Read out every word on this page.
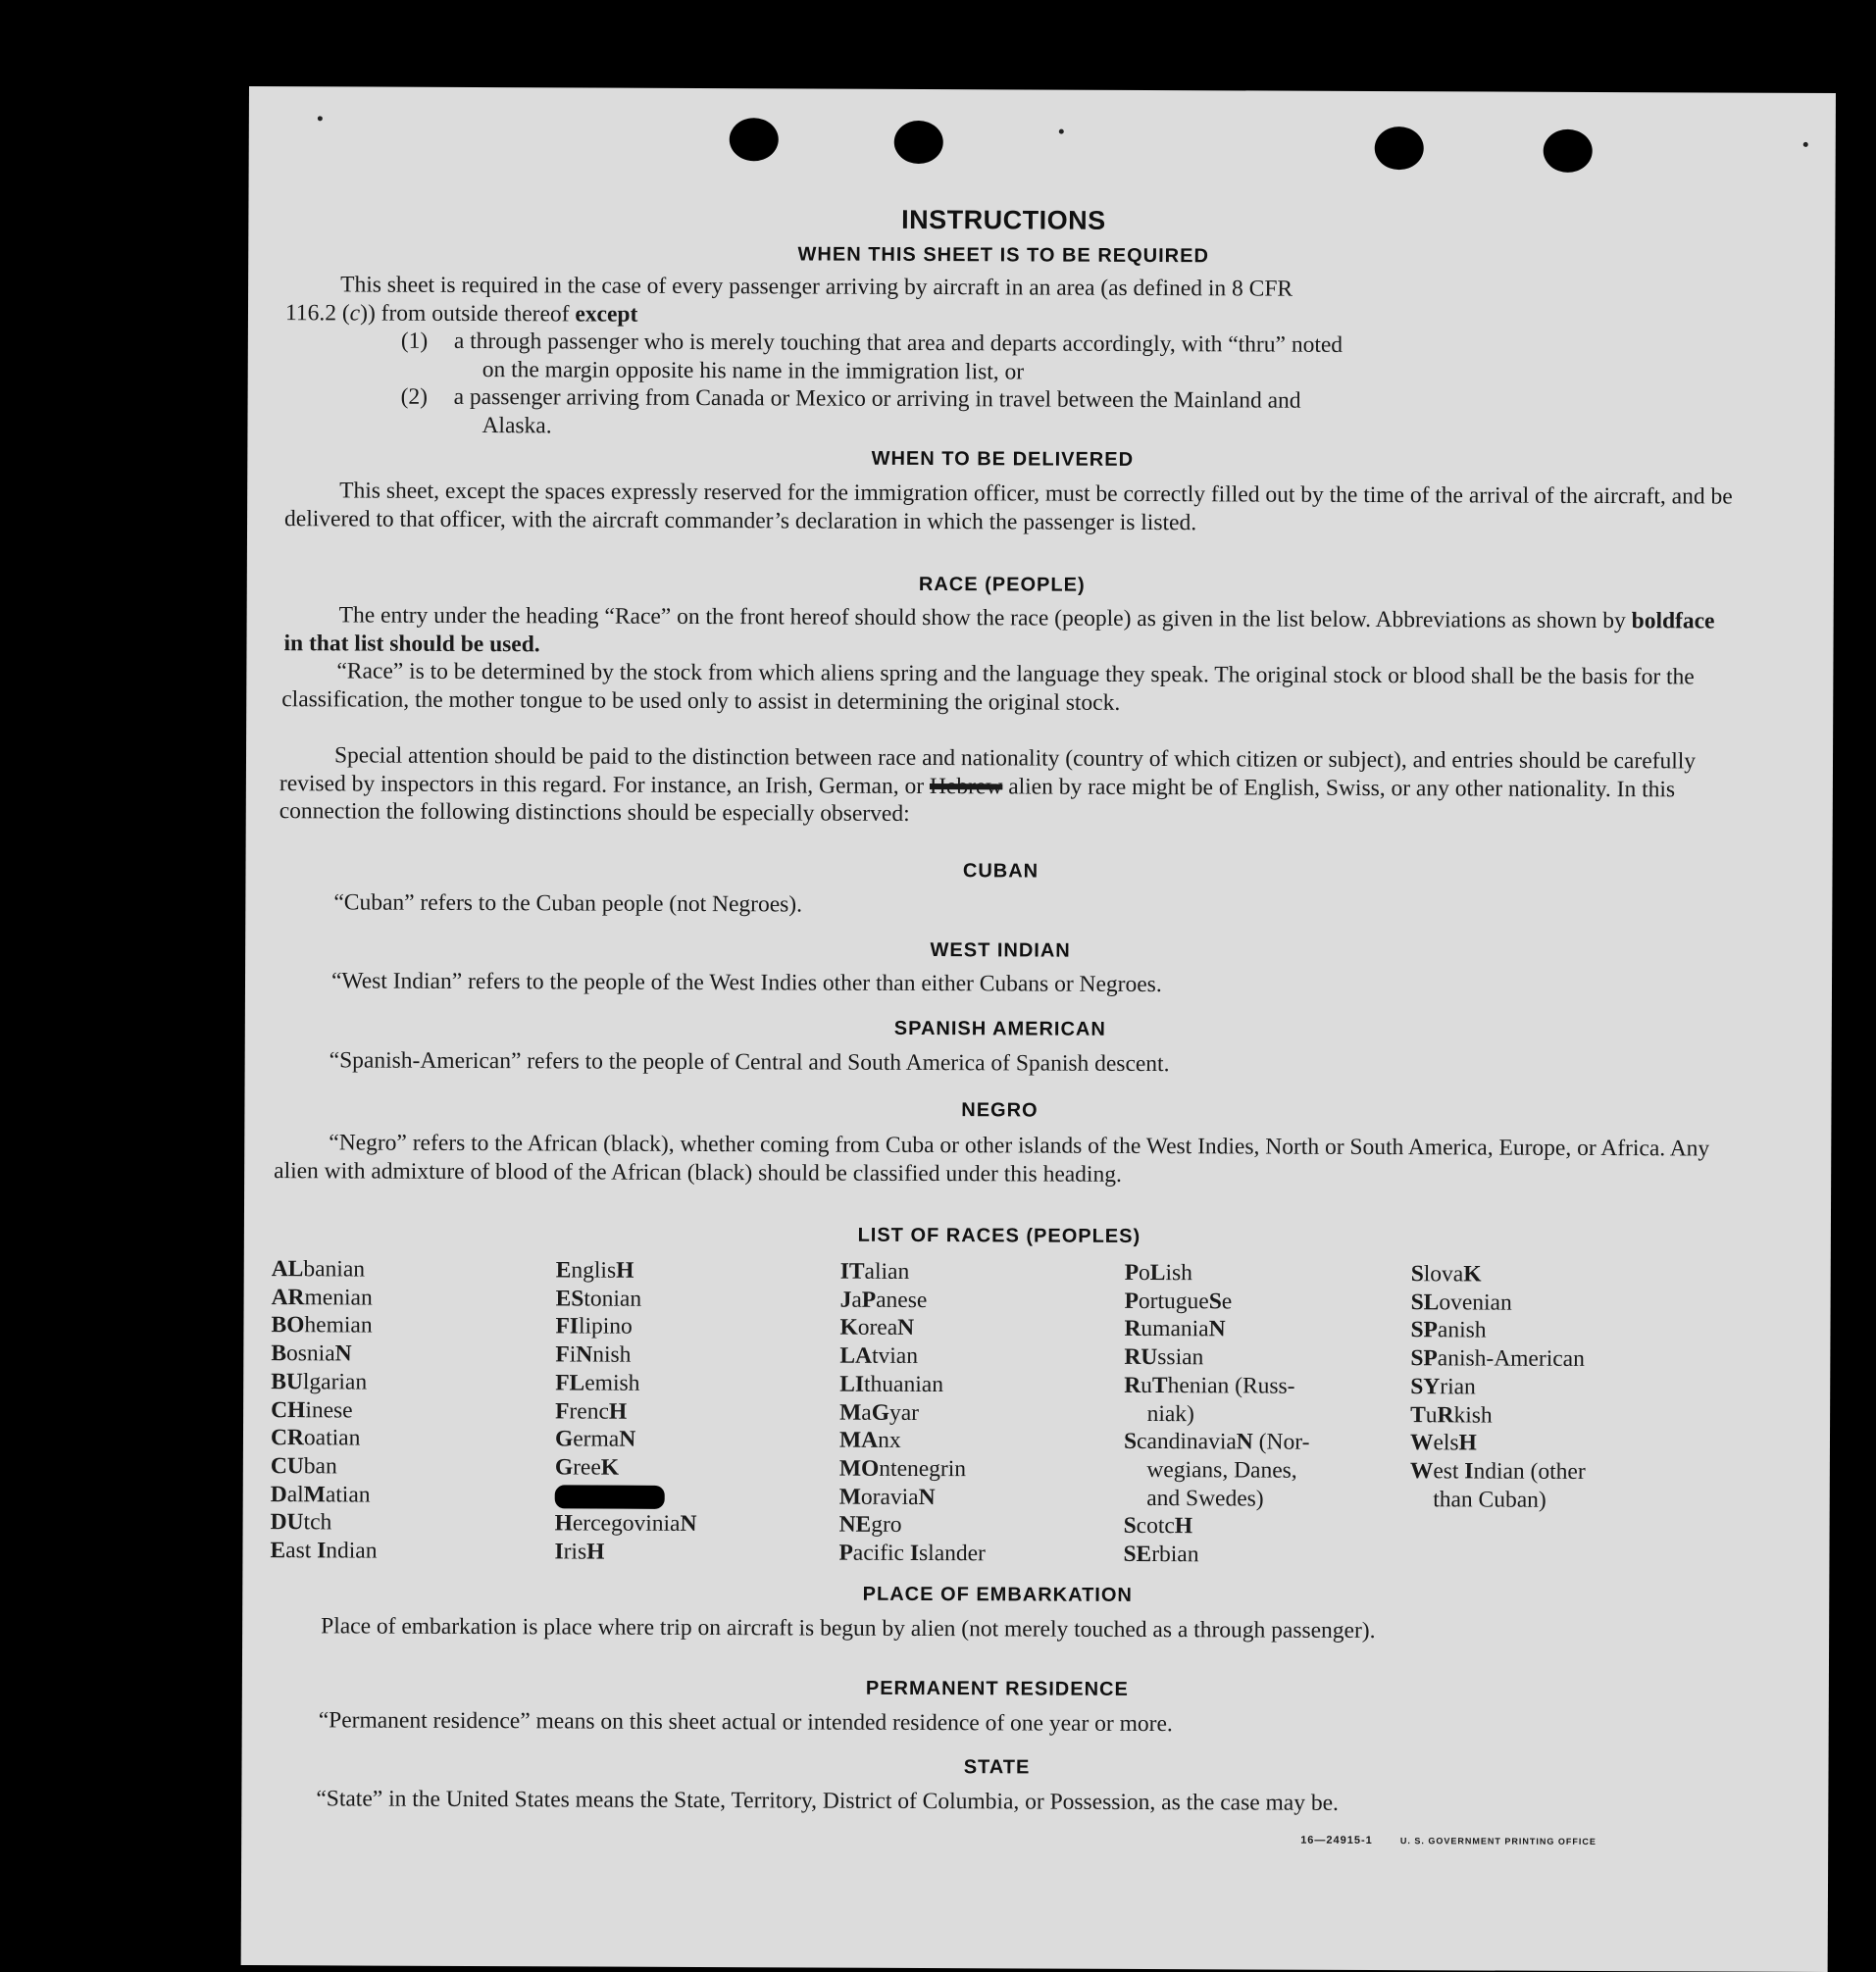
INSTRUCTIONS
WHEN THIS SHEET IS TO BE REQUIRED

This sheet is required in the case of every passenger arriving by aircraft in an area (as defined in 8 CFR
116.2 (c)) from outside thereof except

(1) a through passenger who is merely touching that area and departs accordingly, with “thru” noted
on the margin opposite his name in the immigration list, or
(2) a passenger arriving from Canada or Mexico or arriving in travel between the Mainland and
Alaska.
WHEN TO BE DELIVERED

This sheet, except the spaces expressly reserved for the immigration officer, must be correctly filled out by the time of the arrival of the aircraft, and be delivered to that officer, with the aircraft commander’s declaration in which the passenger is listed.

RACE (PEOPLE)

The entry under the heading “Race” on the front hereof should show the race (people) as given in the list below. Abbreviations as shown by boldface in that list should be used.

“Race” is to be determined by the stock from which aliens spring and the language they speak. The original stock or blood shall be the basis for the classification, the mother tongue to be used only to assist in determining the original stock.

Special attention should be paid to the distinction between race and nationality (country of which citizen or subject), and entries should be carefully revised by inspectors in this regard. For instance, an Irish, German, or Hebrew alien by race might be of English, Swiss, or any other nationality. In this connection the following distinctions should be especially observed:

CUBAN

“Cuban” refers to the Cuban people (not Negroes).

WEST INDIAN

“West Indian” refers to the people of the West Indies other than either Cubans or Negroes.

SPANISH AMERICAN

“Spanish-American” refers to the people of Central and South America of Spanish descent.

NEGRO

“Negro” refers to the African (black), whether coming from Cuba or other islands of the West Indies, North or South America, Europe, or Africa. Any alien with admixture of blood of the African (black) should be classified under this heading.

LIST OF RACES (PEOPLES)
ALbanian
ARmenian
BOhemian
BosniaN
BUlgarian
CHinese
CRoatian
CUban
DalMatian
DUtch
East Indian
EnglisH
EStonian
FIlipino
FiNnish
FLemish
FrencH
GermaN
GreeK
HercegoviniaN
IrisH
ITalian
JaPanese
KoreaN
LAtvian
LIthuanian
MaGyar
MAnx
MOntenegrin
MoraviaN
NEgro
Pacific Islander
PoLish
PortugueSe
RumaniaN
RUssian
RuThenian (Russ-
niak)
ScandinaviaN (Nor-
wegians, Danes,
and Swedes)
ScotcH
SErbian
SlovaK
SLovenian
SPanish
SPanish-American
SYrian
TuRkish
WelsH
West Indian (other
than Cuban)
PLACE OF EMBARKATION

Place of embarkation is place where trip on aircraft is begun by alien (not merely touched as a through passenger).

PERMANENT RESIDENCE

“Permanent residence” means on this sheet actual or intended residence of one year or more.

STATE

“State” in the United States means the State, Territory, District of Columbia, or Possession, as the case may be.

16—24915-1	U. S. GOVERNMENT PRINTING OFFICE
